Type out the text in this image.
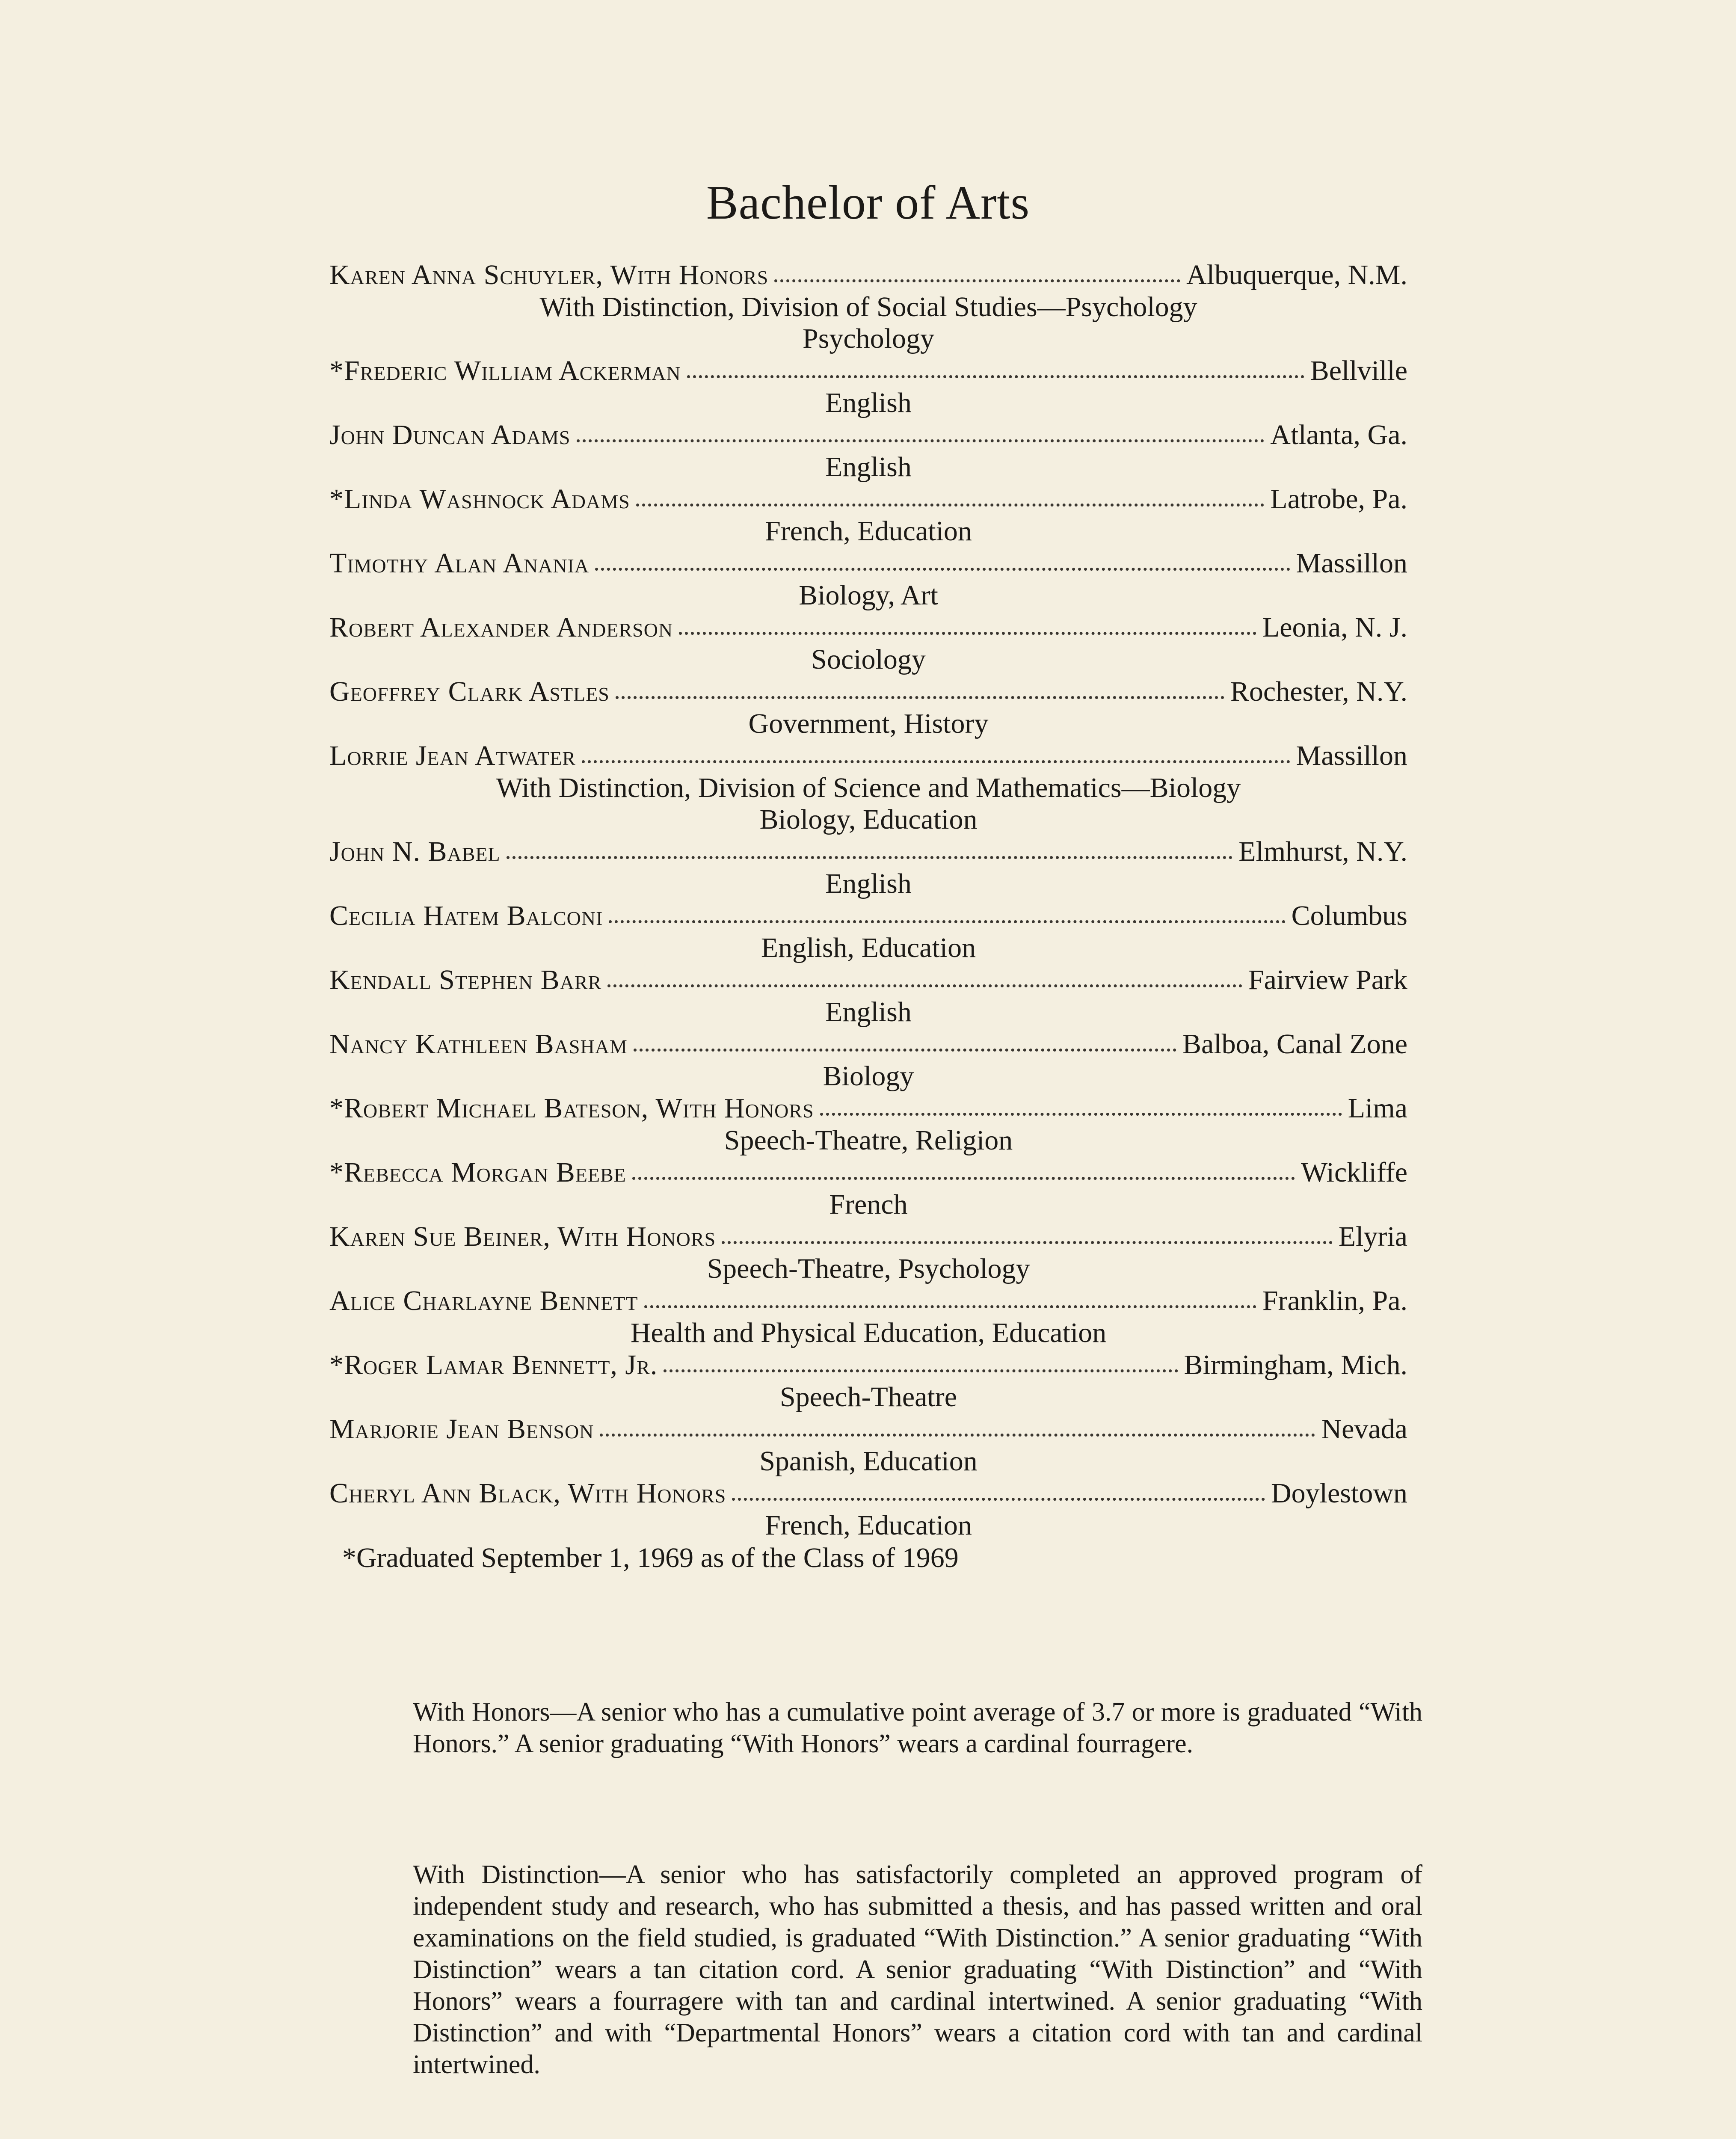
Bachelor of Arts
Karen Anna Schuyler, With Honors	Albuquerque, N.M.
With Distinction, Division of Social Studies—Psychology
Psychology
*Frederic William Ackerman	Bellville
English
John Duncan Adams	Atlanta, Ga.
English
*Linda Washnock Adams	Latrobe, Pa.
French, Education
Timothy Alan Anania	Massillon
Biology, Art
Robert Alexander Anderson	Leonia, N. J.
Sociology
Geoffrey Clark Astles	Rochester, N.Y.
Government, History
Lorrie Jean Atwater	Massillon
With Distinction, Division of Science and Mathematics—Biology
Biology, Education
John N. Babel	Elmhurst, N.Y.
English
Cecilia Hatem Balconi	Columbus
English, Education
Kendall Stephen Barr	Fairview Park
English
Nancy Kathleen Basham	Balboa, Canal Zone
Biology
*Robert Michael Bateson, With Honors	Lima
Speech-Theatre, Religion
*Rebecca Morgan Beebe	Wickliffe
French
Karen Sue Beiner, With Honors	Elyria
Speech-Theatre, Psychology
Alice Charlayne Bennett	Franklin, Pa.
Health and Physical Education, Education
*Roger Lamar Bennett, Jr.	Birmingham, Mich.
Speech-Theatre
Marjorie Jean Benson	Nevada
Spanish, Education
Cheryl Ann Black, With Honors	Doylestown
French, Education
*Graduated September 1, 1969 as of the Class of 1969
With Honors—A senior who has a cumulative point average of 3.7 or more is graduated “With Honors.” A senior graduating “With Honors” wears a cardinal fourragere.
With Distinction—A senior who has satisfactorily completed an approved program of independent study and research, who has submitted a thesis, and has passed written and oral examinations on the field studied, is graduated “With Distinction.” A senior graduating “With Distinction” wears a tan citation cord. A senior graduating “With Distinction” and “With Honors” wears a fourragere with tan and cardinal intertwined. A senior graduating “With Distinction” and with “Departmental Honors” wears a citation cord with tan and cardinal intertwined.
